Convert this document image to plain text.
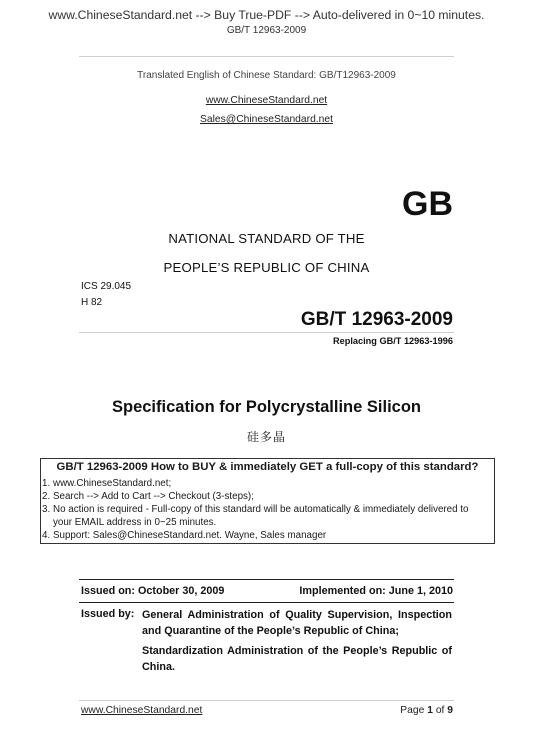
www.ChineseStandard.net --> Buy True-PDF --> Auto-delivered in 0~10 minutes.
GB/T 12963-2009
Translated English of Chinese Standard: GB/T12963-2009
www.ChineseStandard.net
Sales@ChineseStandard.net
GB
NATIONAL STANDARD OF THE
PEOPLE’S REPUBLIC OF CHINA
ICS 29.045
H 82
GB/T 12963-2009
Replacing GB/T 12963-1996
Specification for Polycrystalline Silicon
硅多晶
GB/T 12963-2009 How to BUY & immediately GET a full-copy of this standard?
1. www.ChineseStandard.net;
2. Search --> Add to Cart --> Checkout (3-steps);
3. No action is required - Full-copy of this standard will be automatically & immediately delivered to
your EMAIL address in 0~25 minutes.
4. Support: Sales@ChineseStandard.net. Wayne, Sales manager
Issued on: October 30, 2009	Implemented on: June 1, 2010
Issued by: General Administration of Quality Supervision, Inspection and Quarantine of the People’s Republic of China;
Standardization Administration of the People’s Republic of China.
www.ChineseStandard.net	Page 1 of 9
